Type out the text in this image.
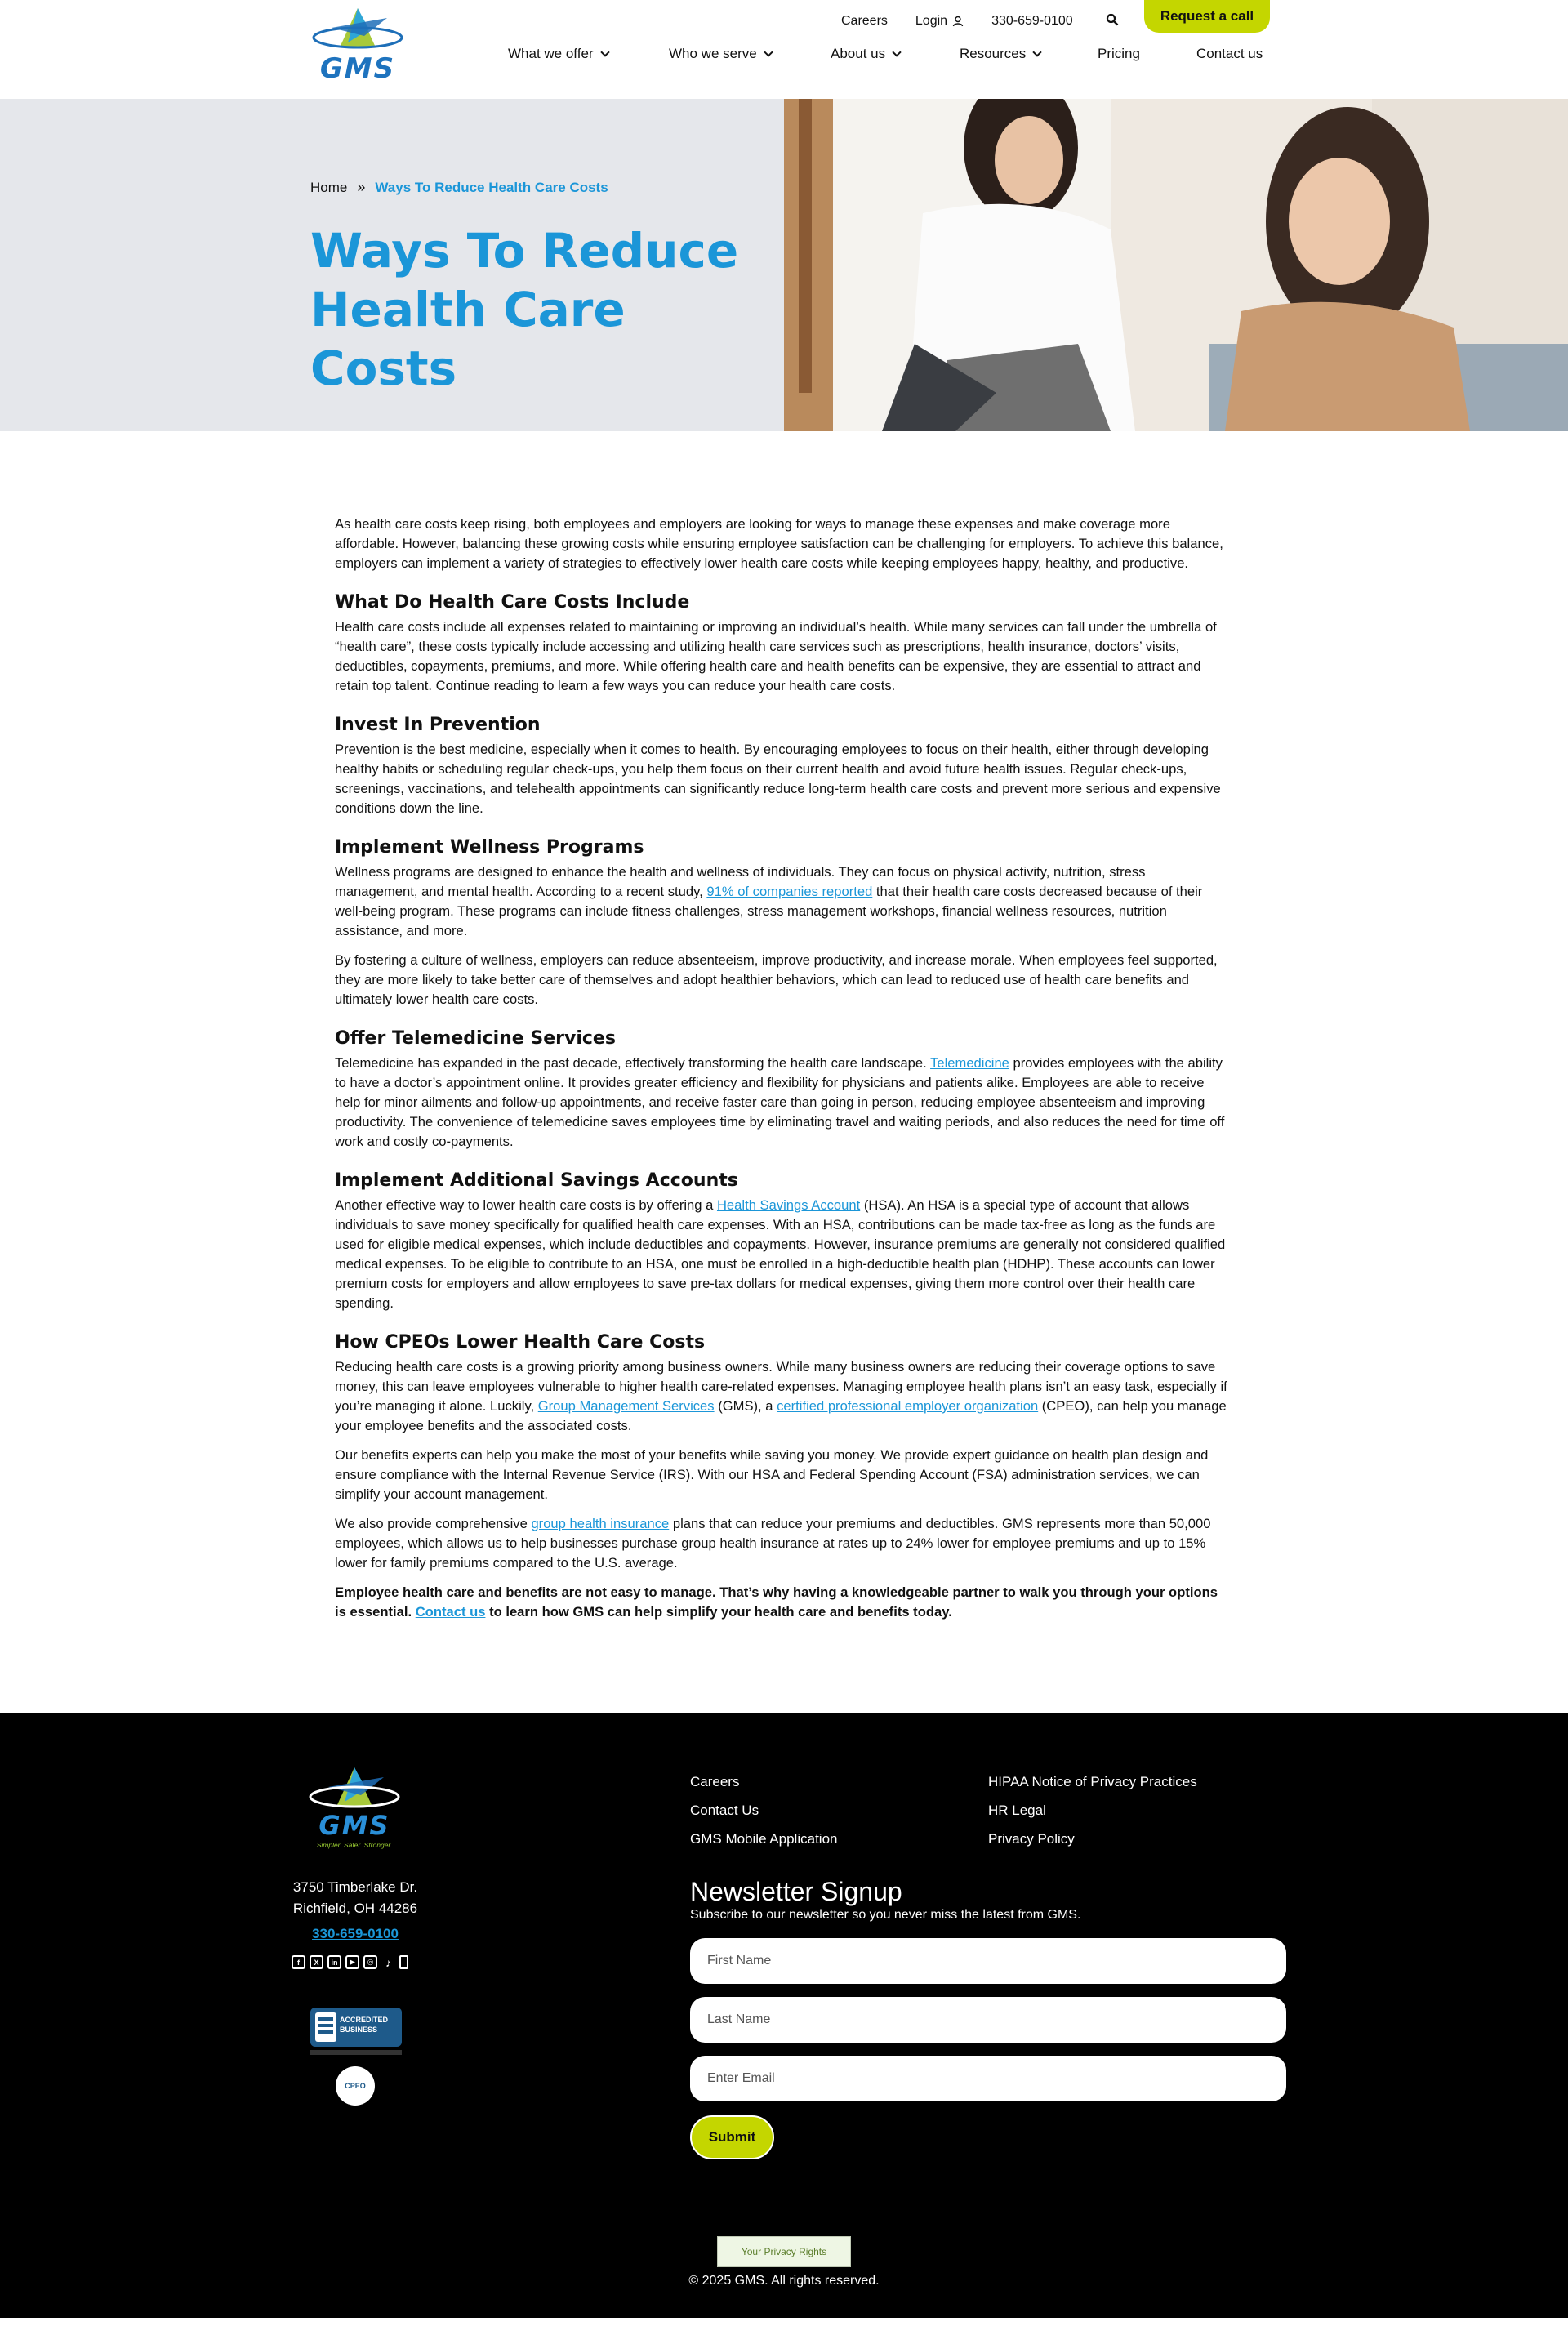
GMS
Careers Login	330-659-0100	Request a call
What we offer	Who we serve	About us	Resources	Pricing	Contact us
Home » Ways To Reduce Health Care Costs
Ways To Reduce
Health Care Costs

As health care costs keep rising, both employees and employers are looking for ways to manage these expenses and make coverage more affordable. However, balancing these growing costs while ensuring employee satisfaction can be challenging for employers. To achieve this balance, employers can implement a variety of strategies to effectively lower health care costs while keeping employees happy, healthy, and productive.

What Do Health Care Costs Include

Health care costs include all expenses related to maintaining or improving an individual’s health. While many services can fall under the umbrella of “health care”, these costs typically include accessing and utilizing health care services such as prescriptions, health insurance, doctors’ visits, deductibles, copayments, premiums, and more. While offering health care and health benefits can be expensive, they are essential to attract and retain top talent. Continue reading to learn a few ways you can reduce your health care costs.

Invest In Prevention

Prevention is the best medicine, especially when it comes to health. By encouraging employees to focus on their health, either through developing healthy habits or scheduling regular check-ups, you help them focus on their current health and avoid future health issues. Regular check-ups, screenings, vaccinations, and telehealth appointments can significantly reduce long-term health care costs and prevent more serious and expensive conditions down the line.

Implement Wellness Programs

Wellness programs are designed to enhance the health and wellness of individuals. They can focus on physical activity, nutrition, stress management, and mental health. According to a recent study, 91% of companies reported that their health care costs decreased because of their well-being program. These programs can include fitness challenges, stress management workshops, financial wellness resources, nutrition assistance, and more.

By fostering a culture of wellness, employers can reduce absenteeism, improve productivity, and increase morale. When employees feel supported, they are more likely to take better care of themselves and adopt healthier behaviors, which can lead to reduced use of health care benefits and ultimately lower health care costs.

Offer Telemedicine Services

Telemedicine has expanded in the past decade, effectively transforming the health care landscape. Telemedicine provides employees with the ability to have a doctor’s appointment online. It provides greater efficiency and flexibility for physicians and patients alike. Employees are able to receive help for minor ailments and follow-up appointments, and receive faster care than going in person, reducing employee absenteeism and improving productivity. The convenience of telemedicine saves employees time by eliminating travel and waiting periods, and also reduces the need for time off work and costly co-payments.

Implement Additional Savings Accounts

Another effective way to lower health care costs is by offering a Health Savings Account (HSA). An HSA is a special type of account that allows individuals to save money specifically for qualified health care expenses. With an HSA, contributions can be made tax-free as long as the funds are used for eligible medical expenses, which include deductibles and copayments. However, insurance premiums are generally not considered qualified medical expenses. To be eligible to contribute to an HSA, one must be enrolled in a high-deductible health plan (HDHP). These accounts can lower premium costs for employers and allow employees to save pre-tax dollars for medical expenses, giving them more control over their health care spending.

How CPEOs Lower Health Care Costs

Reducing health care costs is a growing priority among business owners. While many business owners are reducing their coverage options to save money, this can leave employees vulnerable to higher health care-related expenses. Managing employee health plans isn’t an easy task, especially if you’re managing it alone. Luckily, Group Management Services (GMS), a certified professional employer organization (CPEO), can help you manage your employee benefits and the associated costs.

Our benefits experts can help you make the most of your benefits while saving you money. We provide expert guidance on health plan design and ensure compliance with the Internal Revenue Service (IRS). With our HSA and Federal Spending Account (FSA) administration services, we can simplify your account management.

We also provide comprehensive group health insurance plans that can reduce your premiums and deductibles. GMS represents more than 50,000 employees, which allows us to help businesses purchase group health insurance at rates up to 24% lower for employee premiums and up to 15% lower for family premiums compared to the U.S. average.

Employee health care and benefits are not easy to manage. That’s why having a knowledgeable partner to walk you through your options is essential. Contact us to learn how GMS can help simplify your health care and benefits today.

GMS
Simpler. Safer. Stronger.
3750 Timberlake Dr.
Richfield, OH 44286
330-659-0100
f	X	in	▶	◎	♪
ACCREDITED
BUSINESS
CPEO
Careers
Contact Us
GMS Mobile Application
HIPAA Notice of Privacy Practices
HR Legal
Privacy Policy
Newsletter Signup
Subscribe to our newsletter so you never miss the latest from GMS.
First Name
Last Name
Enter Email
Submit
Your Privacy Rights
© 2025 GMS. All rights reserved.
